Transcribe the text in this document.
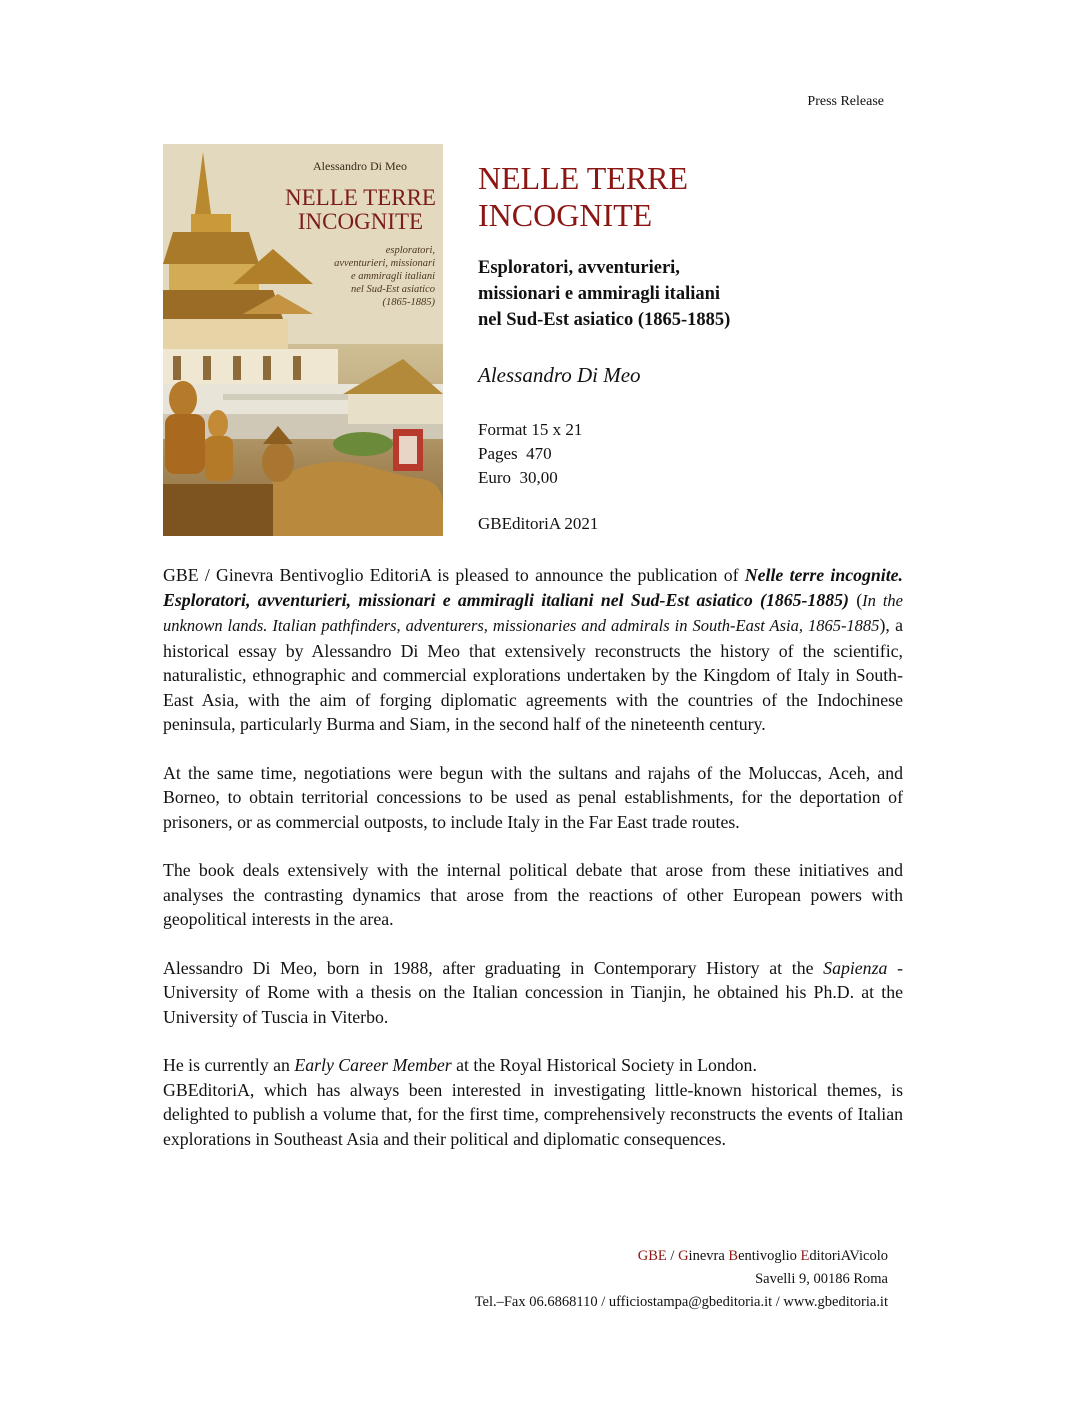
Press Release
Alessandro Di Meo
NELLE TERRE
INCOGNITE
esploratori,
avventurieri, missionari
e ammiragli italiani
nel Sud-Est asiatico
(1865-1885)
NELLE TERRE
INCOGNITE
Esploratori, avventurieri,
missionari e ammiragli italiani
nel Sud-Est asiatico (1865-1885)
Alessandro Di Meo
Format 15 x 21
Pages  470
Euro  30,00
GBEditoriA 2021

GBE / Ginevra Bentivoglio EditoriA is pleased to announce the publication of Nelle terre incognite. Esploratori, avventurieri, missionari e ammiragli italiani nel Sud-Est asiatico (1865-1885) (In the unknown lands. Italian pathfinders, adventurers, missionaries and admirals in South-East Asia, 1865-1885), a historical essay by Alessandro Di Meo that extensively reconstructs the history of the scientific, naturalistic, ethnographic and commercial explorations undertaken by the Kingdom of Italy in South-East Asia, with the aim of forging diplomatic agreements with the countries of the Indochinese peninsula, particularly Burma and Siam, in the second half of the nineteenth century.

At the same time, negotiations were begun with the sultans and rajahs of the Moluccas, Aceh, and Borneo, to obtain territorial concessions to be used as penal establishments, for the deportation of prisoners, or as commercial outposts, to include Italy in the Far East trade routes.

The book deals extensively with the internal political debate that arose from these initiatives and analyses the contrasting dynamics that arose from the reactions of other European powers with geopolitical interests in the area.

Alessandro Di Meo, born in 1988, after graduating in Contemporary History at the Sapienza - University of Rome with a thesis on the Italian concession in Tianjin, he obtained his Ph.D. at the University of Tuscia in Viterbo.

He is currently an Early Career Member at the Royal Historical Society in London.

GBEditoriA, which has always been interested in investigating little-known historical themes, is delighted to publish a volume that, for the first time, comprehensively reconstructs the events of Italian explorations in Southeast Asia and their political and diplomatic consequences.

GBE / Ginevra Bentivoglio EditoriAVicolo
Savelli 9, 00186 Roma
Tel.–Fax 06.6868110 / ufficiostampa@gbeditoria.it / www.gbeditoria.it
